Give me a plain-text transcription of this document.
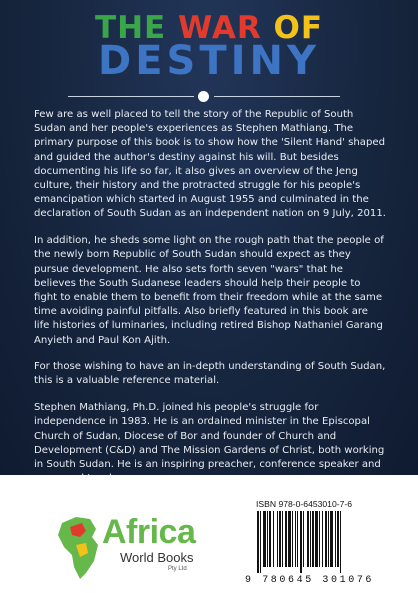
THE WAR OF
DESTINY

Few are as well placed to tell the story of the Republic of South Sudan and her people's experiences as Stephen Mathiang. The primary purpose of this book is to show how the 'Silent Hand' shaped and guided the author's destiny against his will. But besides documenting his life so far, it also gives an overview of the Jeng culture, their history and the protracted struggle for his people's emancipation which started in August 1955 and culminated in the declaration of South Sudan as an independent nation on 9 July, 2011.

In addition, he sheds some light on the rough path that the people of the newly born Republic of South Sudan should expect as they pursue development. He also sets forth seven "wars" that he believes the South Sudanese leaders should help their people to fight to enable them to benefit from their freedom while at the same time avoiding painful pitfalls. Also briefly featured in this book are life histories of luminaries, including retired Bishop Nathaniel Garang Anyieth and Paul Kon Ajith.

For those wishing to have an in-depth understanding of South Sudan, this is a valuable reference material.

Stephen Mathiang, Ph.D. joined his people's struggle for independence in 1983. He is an ordained minister in the Episcopal Church of Sudan, Diocese of Bor and founder of Church and Development (C&D) and The Mission Gardens of Christ, both working in South Sudan. He is an inspiring preacher, conference speaker and

Africa
World Books
Pty Ltd
ISBN 978-0-6453010-7-6
9 780645 301076
